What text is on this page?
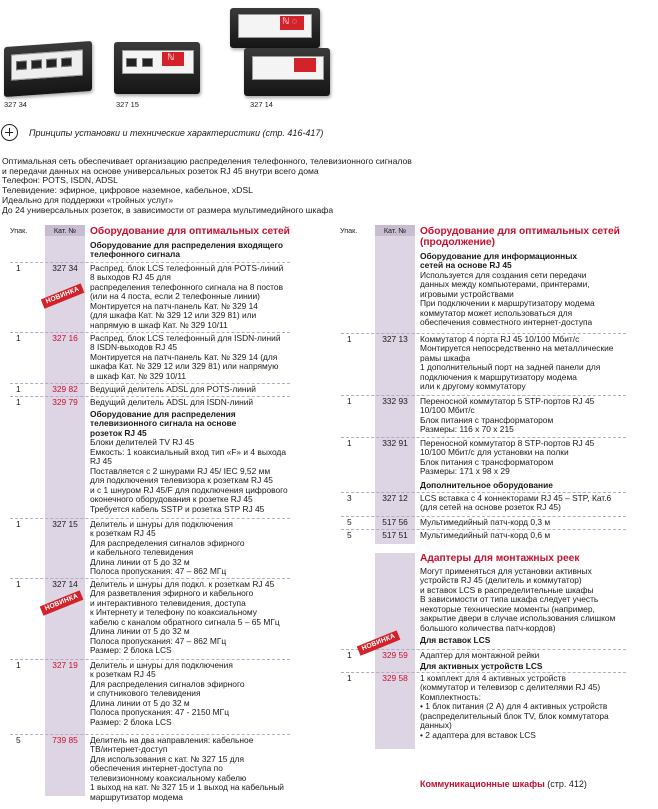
327 34
ℕ
327 15
ℕ ◌
327 14
Принципы установки и технические характеристики (стр. 416-417)
Оптимальная сеть обеспечивает организацию распределения телефонного, телевизионного сигналов
и передачи данных на основе универсальных розеток RJ 45 внутри всего дома
Телефон: POTS, ISDN, ADSL
Телевидение: эфирное, цифровое наземное, кабельное, xDSL
Идеально для поддержки «тройных услуг»
До 24 универсальных розеток, в зависимости от размера мультимедийного шкафа
Кат. №
Упак.	Оборудование для оптимальных сетей
Оборудование для распределения входящего
телефонного сигнала
1	327 34	Распред. блок LCS телефонный для POTS-линий
8 выходов RJ 45 для
распределения телефонного сигнала на 8 постов
(или на 4 поста, если 2 телефонные линии)
Монтируется на патч-панель Кат. № 329 14
(для шкафа Кат. № 329 12 или 329 81) или
напрямую в шкаф Кат. № 329 10/11
1	327 16	Распред. блок LCS телефонный для ISDN-линий
8 ISDN-выходов RJ 45
Монтируется на патч-панель Кат. № 329 14 (для
шкафа Кат. № 329 12 или 329 81) или напрямую
в шкаф Кат. № 329 10/11
1	329 82	Ведущий делитель ADSL для POTS-линий
1	329 79	Ведущий делитель ADSL для ISDN-линий
Оборудование для распределения
телевизионного сигнала на основе
розеток RJ 45
Блоки делителей TV RJ 45
Емкость: 1 коаксиальный вход тип «F» и 4 выхода
RJ 45
Поставляется с 2 шнурами RJ 45/ IEC 9,52 мм
для подключения телевизора к розеткам RJ 45
и с 1 шнуром RJ 45/F для подключения цифрового
оконечного оборудования к розетке RJ 45
Требуется кабель SSTP и розетка STP RJ 45
1	327 15	Делитель и шнуры для подключения
к розеткам RJ 45
Для распределения сигналов эфирного
и кабельного телевидения
Длина линии от 5 до 32 м
Полоса пропускания: 47 – 862 МГц
1	327 14	Делитель и шнуры для подкл. к розеткам RJ 45
Для разветвления эфирного и кабельного
и интерактивного телевидения, доступа
к Интернету и телефону по коаксиальному
кабелю с каналом обратного сигнала 5 – 65 МГц
Длина линии от 5 до 32 м
Полоса пропускания: 47 – 862 МГц
Размер: 2 блока LCS
1	327 19	Делитель и шнуры для подключения
к розеткам RJ 45
Для распределения сигналов эфирного
и спутникового телевидения
Длина линии от 5 до 32 м
Полоса пропускания: 47 - 2150 МГц
Размер: 2 блока LCS
5	739 85	Делитель на два направления: кабельное
ТВ/интернет-доступ
Для использования с кат. № 327 15 для
обеспечения интернет-доступа по
телевизионному коаксиальному кабелю
1 выход на кат. № 327 15 и 1 выход на кабельный
маршрутизатор модема
Кат. №
Упак.	Оборудование для оптимальных сетей
(продолжение)
Оборудование для информационных
сетей на основе RJ 45
Используется для создания сети передачи
данных между компьютерами, принтерами,
игровыми устройствами
При подключении к маршрутизатору модема
коммутатор может использоваться для
обеспечения совместного интернет-доступа
1	327 13	Коммутатор 4 порта RJ 45 10/100 Мбит/с
Монтируется непосредственно на металлические
рамы шкафа
1 дополнительный порт на задней панели для
подключения к маршрутизатору модема
или к другому коммутатору
1	332 93	Переносной коммутатор 5 STP-портов RJ 45
10/100 Мбит/с
Блок питания с трансформатором
Размеры: 116 x 70 x 215
1	332 91	Переносной коммутатор 8 STP-портов RJ 45
10/100 Мбит/с для установки на полки
Блок питания с трансформатором
Размеры: 171 x 98 x 29
Дополнительное оборудование
3	327 12	LCS вставка с 4 коннекторами RJ 45 – STP, Кат.6
(для сетей на основе розеток RJ 45)
5	517 56	Мультимедийный патч-корд 0,3 м
5	517 51	Мультимедийный патч-корд 0,6 м
Адаптеры для монтажных реек
Могут применяться для установки активных
устройств RJ 45 (делитель и коммутатор)
и вставок LCS в распределительные шкафы
В зависимости от типа шкафа следует учесть
некоторые технические моменты (например,
закрытие двери в случае использования слишком
большого количества патч-кордов)
Для вставок LCS
1	329 59	Адаптер для монтажной рейки
Для активных устройств LCS
1	329 58	1 комплект для 4 активных устройств
(коммутатор и телевизор с делителями RJ 45)
Комплектность:
• 1 блок питания (2 A) для 4 активных устройств
(распределительный блок TV, блок коммутатора
данных)
• 2 адаптера для вставок LCS
НОВИНКА
НОВИНКА
НОВИНКА
Коммуникационные шкафы (стр. 412)
